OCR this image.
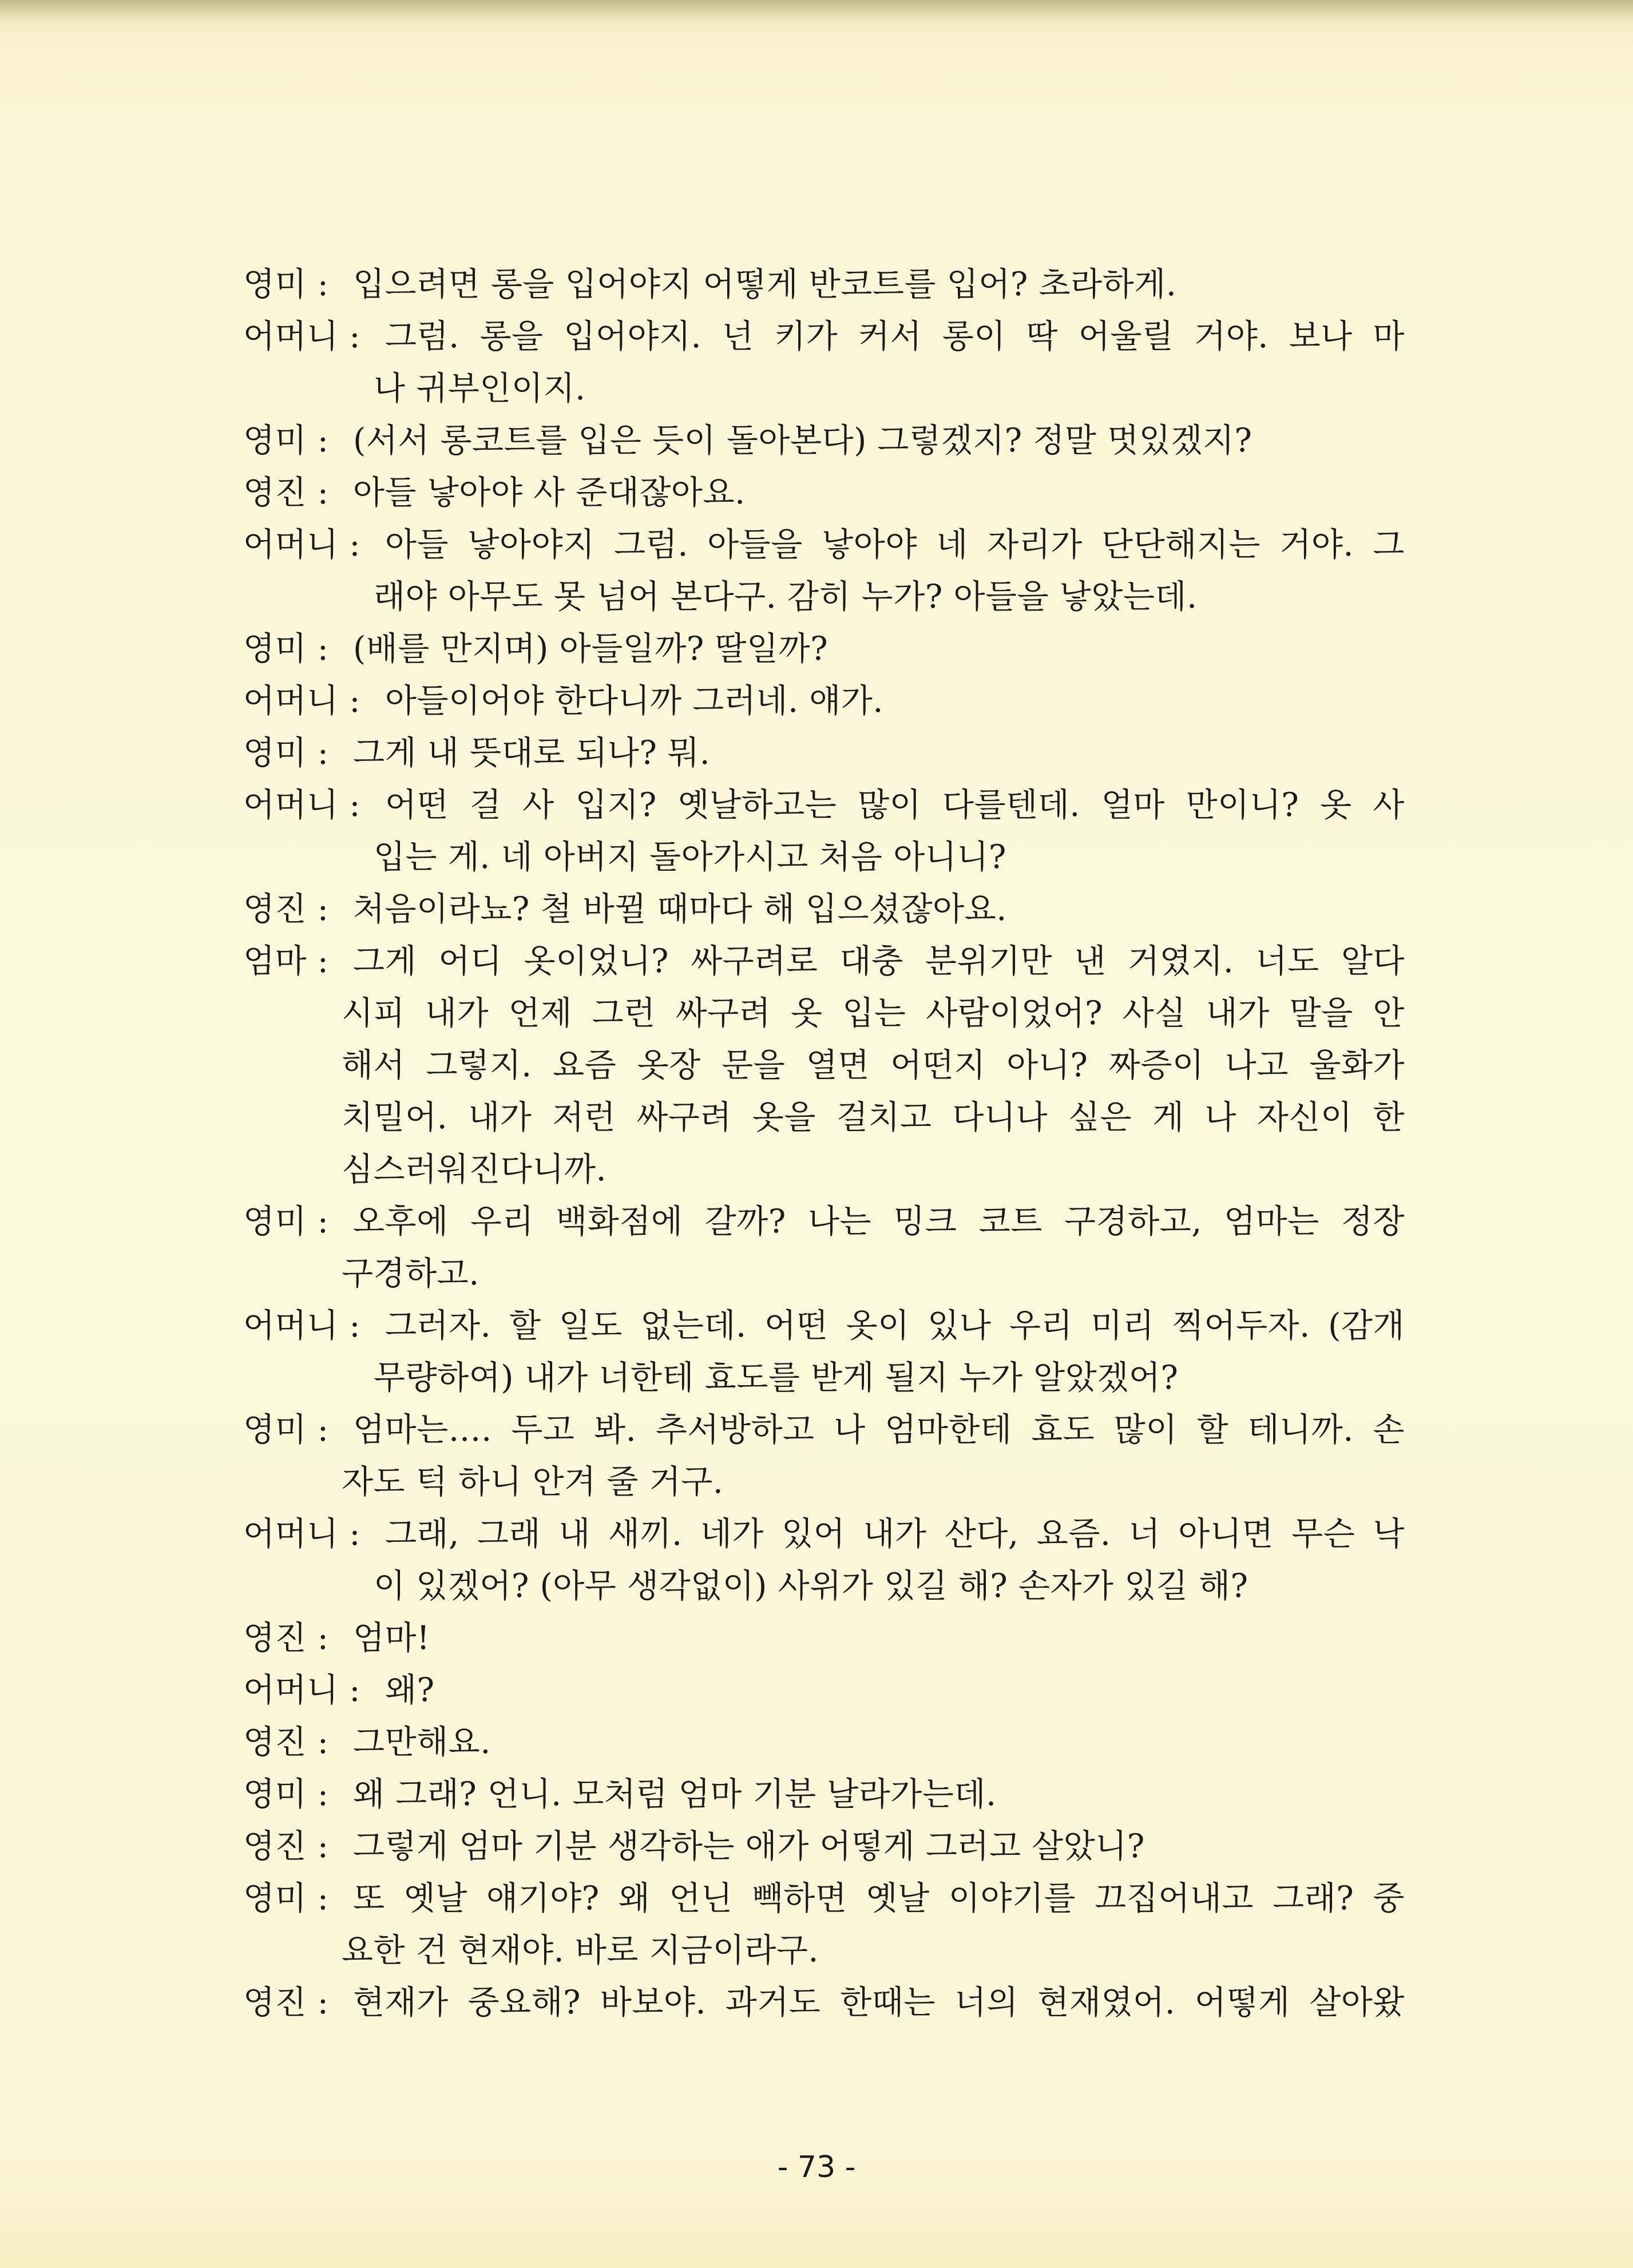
영미 : 입으려면 롱을 입어야지 어떻게 반코트를 입어? 초라하게.
어머니 : 그럼. 롱을 입어야지. 넌 키가 커서 롱이 딱 어울릴 거야. 보나 마
나 귀부인이지.
영미 : (서서 롱코트를 입은 듯이 돌아본다) 그렇겠지? 정말 멋있겠지?
영진 : 아들 낳아야 사 준대잖아요.
어머니 : 아들 낳아야지 그럼. 아들을 낳아야 네 자리가 단단해지는 거야. 그
래야 아무도 못 넘어 본다구. 감히 누가? 아들을 낳았는데.
영미 : (배를 만지며) 아들일까? 딸일까?
어머니 : 아들이어야 한다니까 그러네. 얘가.
영미 : 그게 내 뜻대로 되나? 뭐.
어머니 : 어떤 걸 사 입지? 옛날하고는 많이 다를텐데. 얼마 만이니? 옷 사
입는 게. 네 아버지 돌아가시고 처음 아니니?
영진 : 처음이라뇨? 철 바뀔 때마다 해 입으셨잖아요.
엄마 : 그게 어디 옷이었니? 싸구려로 대충 분위기만 낸 거였지. 너도 알다
시피 내가 언제 그런 싸구려 옷 입는 사람이었어? 사실 내가 말을 안
해서 그렇지. 요즘 옷장 문을 열면 어떤지 아니? 짜증이 나고 울화가
치밀어. 내가 저런 싸구려 옷을 걸치고 다니나 싶은 게 나 자신이 한
심스러워진다니까.
영미 : 오후에 우리 백화점에 갈까? 나는 밍크 코트 구경하고, 엄마는 정장
구경하고.
어머니 : 그러자. 할 일도 없는데. 어떤 옷이 있나 우리 미리 찍어두자. (감개
무량하여) 내가 너한테 효도를 받게 될지 누가 알았겠어?
영미 : 엄마는…. 두고 봐. 추서방하고 나 엄마한테 효도 많이 할 테니까. 손
자도 턱 하니 안겨 줄 거구.
어머니 : 그래, 그래 내 새끼. 네가 있어 내가 산다, 요즘. 너 아니면 무슨 낙
이 있겠어? (아무 생각없이) 사위가 있길 해? 손자가 있길 해?
영진 : 엄마!
어머니 : 왜?
영진 : 그만해요.
영미 : 왜 그래? 언니. 모처럼 엄마 기분 날라가는데.
영진 : 그렇게 엄마 기분 생각하는 애가 어떻게 그러고 살았니?
영미 : 또 옛날 얘기야? 왜 언닌 빽하면 옛날 이야기를 끄집어내고 그래? 중
요한 건 현재야. 바로 지금이라구.
영진 : 현재가 중요해? 바보야. 과거도 한때는 너의 현재였어. 어떻게 살아왔
- 73 -
